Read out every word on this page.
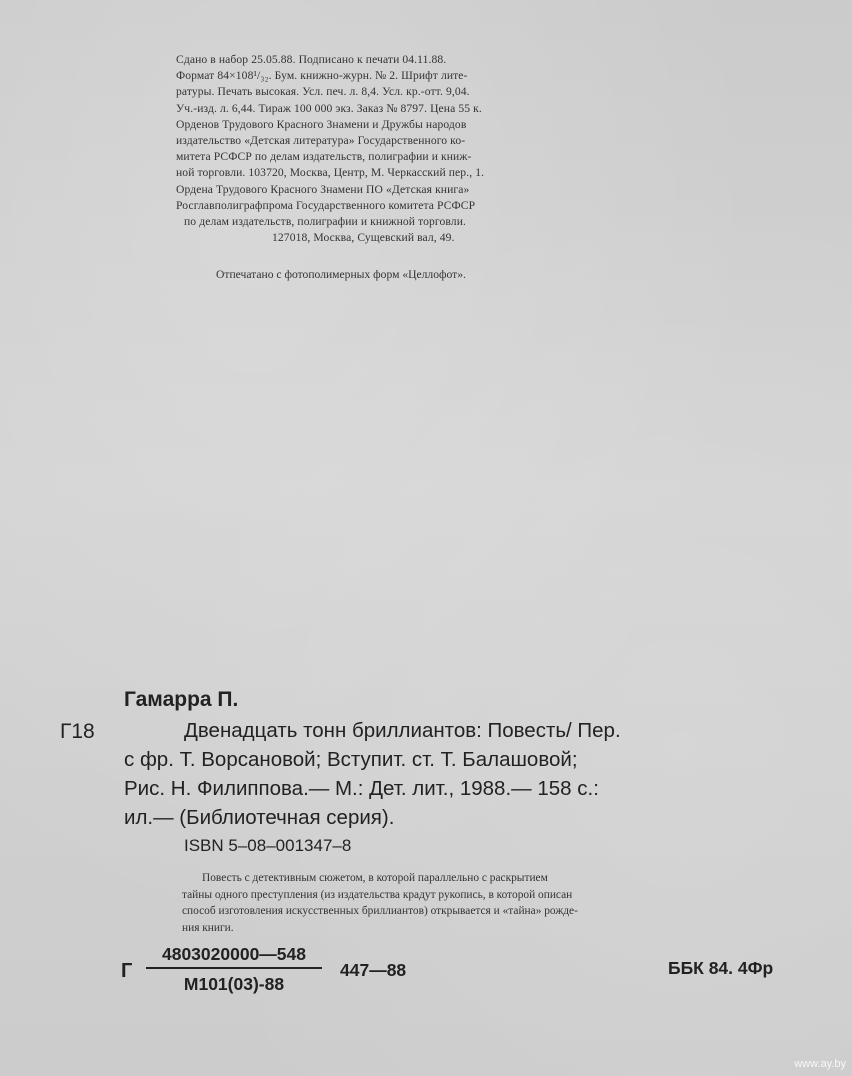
Сдано в набор 25.05.88. Подписано к печати 04.11.88.
Формат 84×108¹/₃₂. Бум. книжно-журн. № 2. Шрифт лите-
ратуры. Печать высокая. Усл. печ. л. 8,4. Усл. кр.-отт. 9,04.
Уч.-изд. л. 6,44. Тираж 100 000 экз. Заказ № 8797. Цена 55 к.
Орденов Трудового Красного Знамени и Дружбы народов
издательство «Детская литература» Государственного ко-
митета РСФСР по делам издательств, полиграфии и книж-
ной торговли. 103720, Москва, Центр, М. Черкасский пер., 1.
Ордена Трудового Красного Знамени ПО «Детская книга»
Росглавполиграфпрома Государственного комитета РСФСР
по делам издательств, полиграфии и книжной торговли.
127018, Москва, Сущевский вал, 49.
Отпечатано с фотополимерных форм «Целлофот».
Гамарра П.
Г18	Двенадцать тонн бриллиантов: Повесть/ Пер.
с фр. Т. Ворсановой; Вступит. ст. Т. Балашовой;
Рис. Н. Филиппова.— М.: Дет. лит., 1988.— 158 с.:
ил.— (Библиотечная серия).
ISBN 5–08–001347–8
Повесть с детективным сюжетом, в которой параллельно с раскрытием
тайны одного преступления (из издательства крадут рукопись, в которой описан
способ изготовления искусственных бриллиантов) открывается и «тайна» рожде-
ния книги.
Г
4803020000—548
М101(03)-88
447—88	ББК 84. 4Фр
www.ay.by
